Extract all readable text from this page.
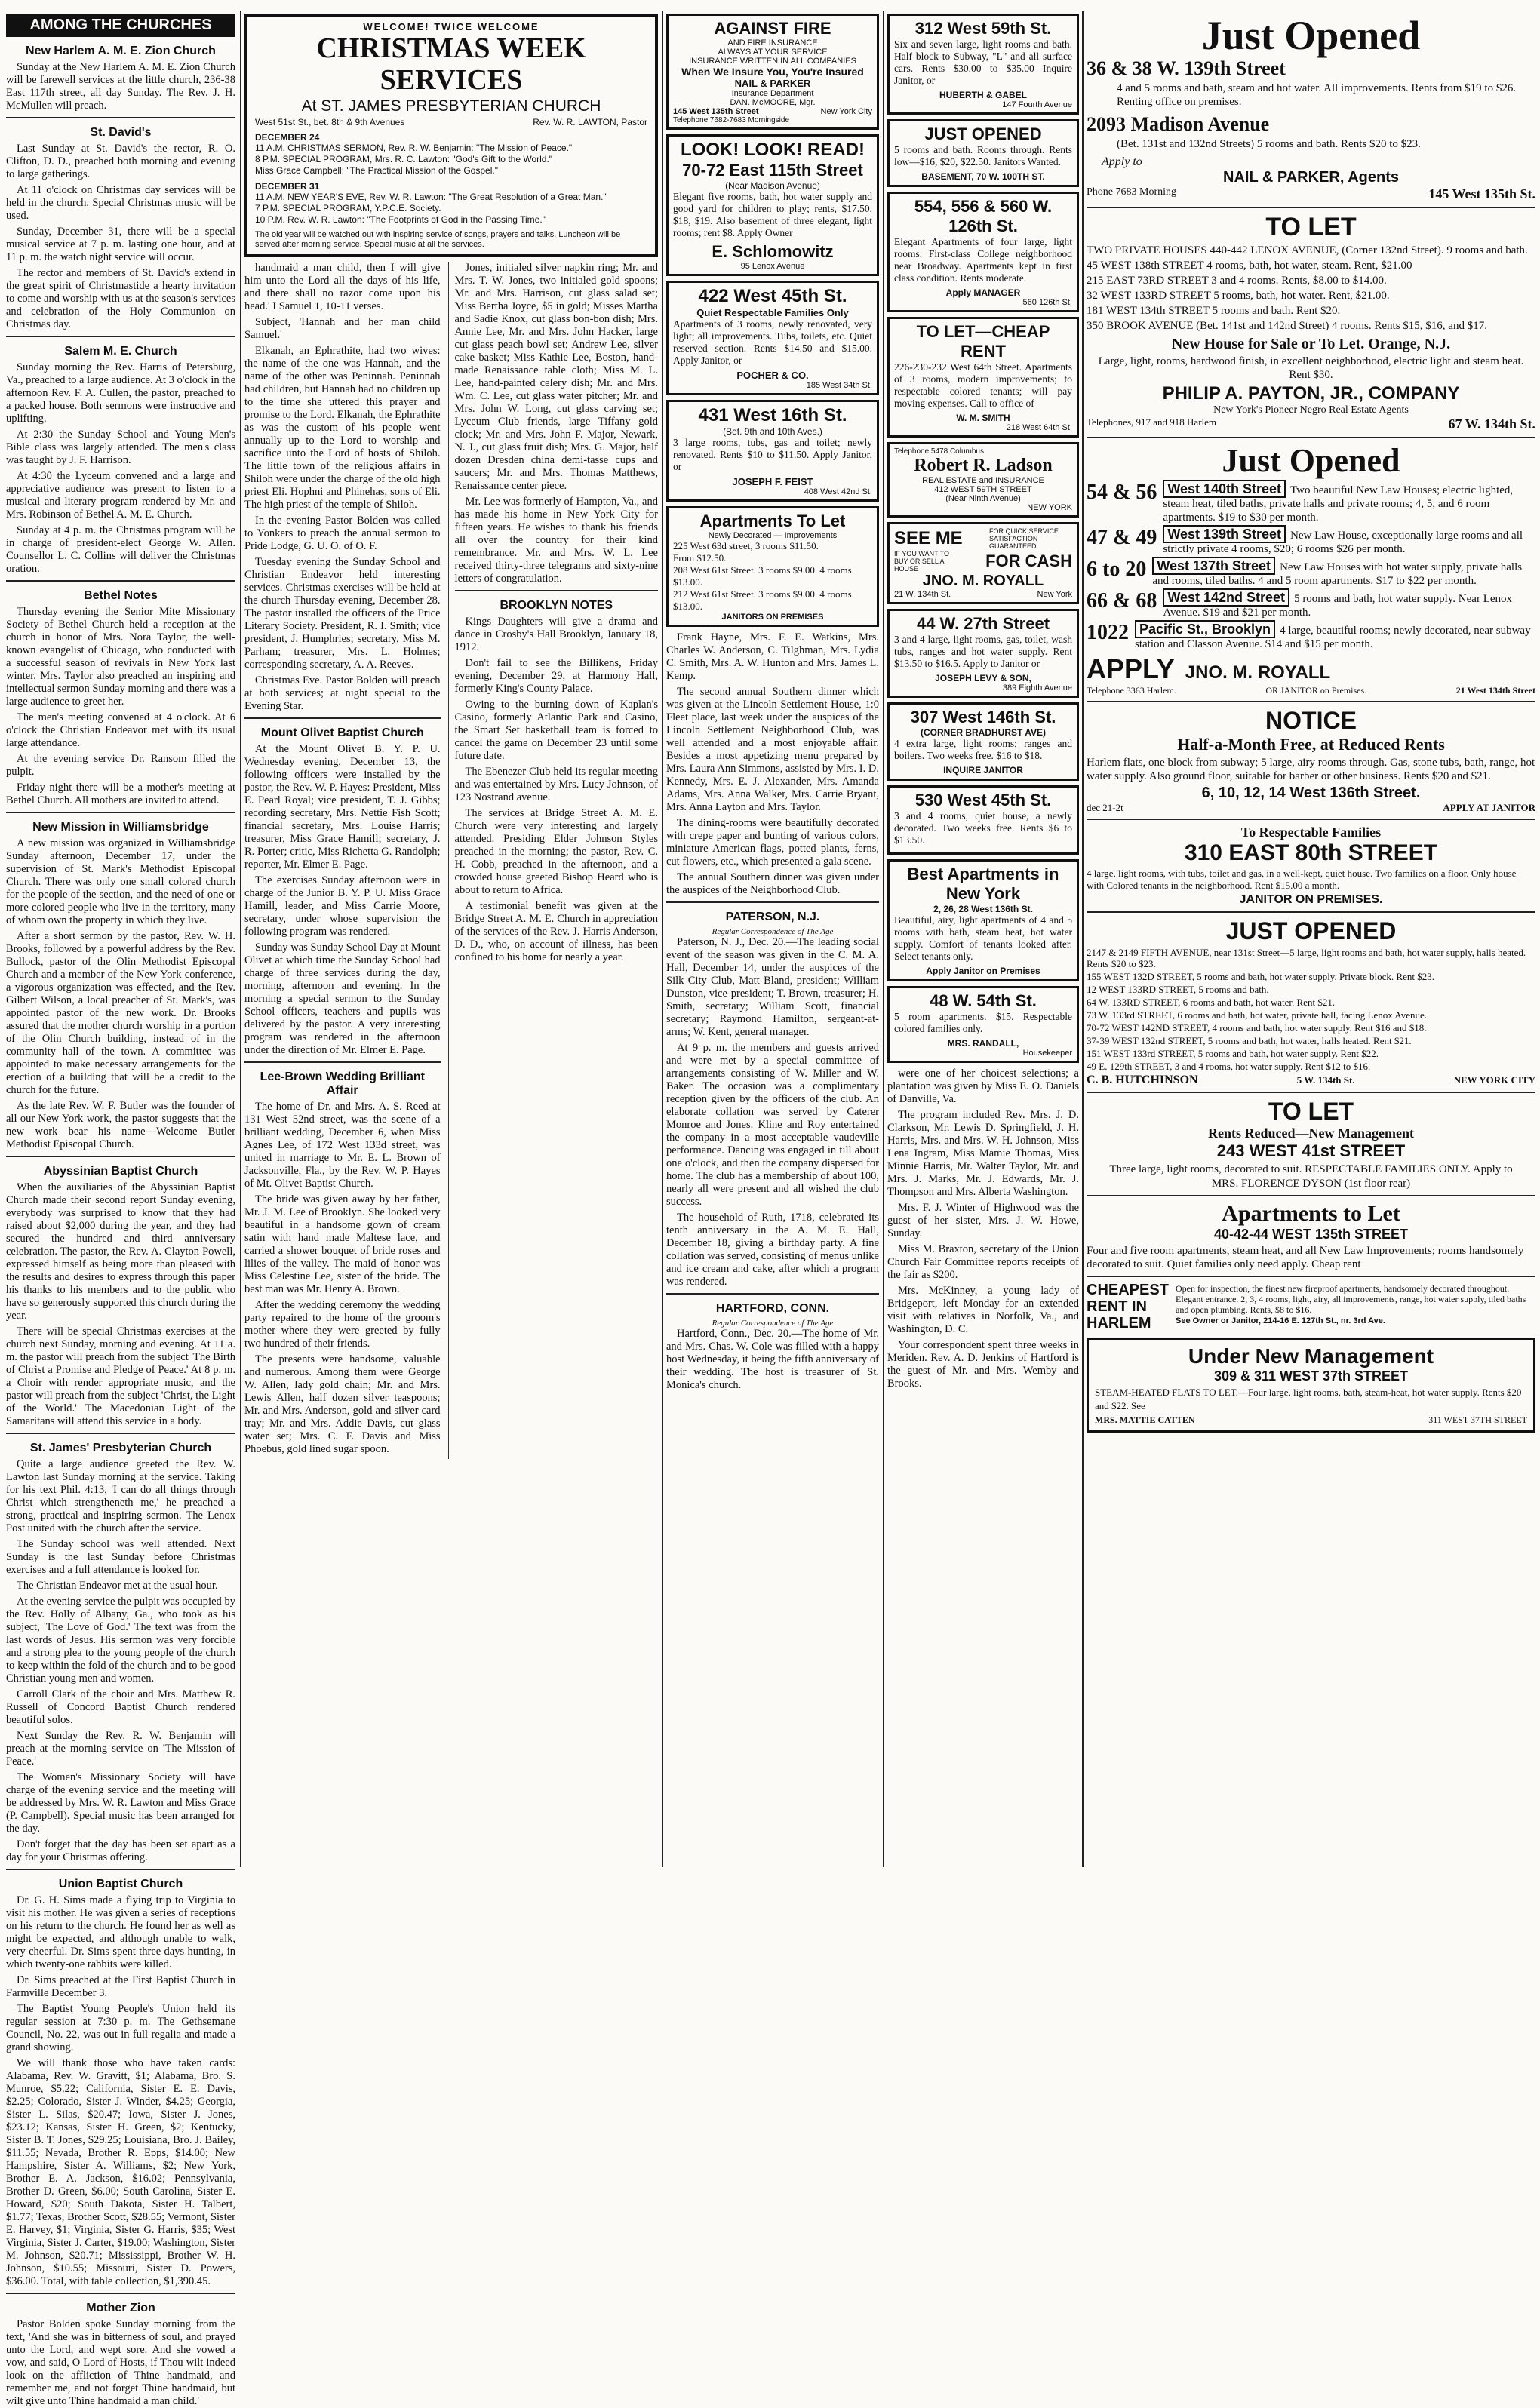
AMONG THE CHURCHES
New Harlem A. M. E. Zion Church

Sunday at the New Harlem A. M. E. Zion Church will be farewell services at the little church, 236-38 East 117th street, all day Sunday. The Rev. J. H. McMullen will preach.

St. David's

Last Sunday at St. David's the rector, R. O. Clifton, D. D., preached both morning and evening to large gatherings.

At 11 o'clock on Christmas day services will be held in the church. Special Christmas music will be used.

Sunday, December 31, there will be a special musical service at 7 p. m. lasting one hour, and at 11 p. m. the watch night service will occur.

The rector and members of St. David's extend in the great spirit of Christmastide a hearty invitation to come and worship with us at the season's services and celebration of the Holy Communion on Christmas day.

Salem M. E. Church

Sunday morning the Rev. Harris of Petersburg, Va., preached to a large audience. At 3 o'clock in the afternoon Rev. F. A. Cullen, the pastor, preached to a packed house. Both sermons were instructive and uplifting.

At 2:30 the Sunday School and Young Men's Bible class was largely attended. The men's class was taught by J. F. Harrison.

At 4:30 the Lyceum convened and a large and appreciative audience was present to listen to a musical and literary program rendered by Mr. and Mrs. Robinson of Bethel A. M. E. Church.

Sunday at 4 p. m. the Christmas program will be in charge of president-elect George W. Allen. Counsellor L. C. Collins will deliver the Christmas oration.

Bethel Notes

Thursday evening the Senior Mite Missionary Society of Bethel Church held a reception at the church in honor of Mrs. Nora Taylor, the well-known evangelist of Chicago, who conducted with a successful season of revivals in New York last winter. Mrs. Taylor also preached an inspiring and intellectual sermon Sunday morning and there was a large audience to greet her.

The men's meeting convened at 4 o'clock. At 6 o'clock the Christian Endeavor met with its usual large attendance.

At the evening service Dr. Ransom filled the pulpit.

Friday night there will be a mother's meeting at Bethel Church. All mothers are invited to attend.

New Mission in Williamsbridge

A new mission was organized in Williamsbridge Sunday afternoon, December 17, under the supervision of St. Mark's Methodist Episcopal Church. There was only one small colored church for the people of the section, and the need of one or more colored people who live in the territory, many of whom own the property in which they live.

After a short sermon by the pastor, Rev. W. H. Brooks, followed by a powerful address by the Rev. Bullock, pastor of the Olin Methodist Episcopal Church and a member of the New York conference, a vigorous organization was effected, and the Rev. Gilbert Wilson, a local preacher of St. Mark's, was appointed pastor of the new work. Dr. Brooks assured that the mother church worship in a portion of the Olin Church building, instead of in the community hall of the town. A committee was appointed to make necessary arrangements for the erection of a building that will be a credit to the church for the future.

As the late Rev. W. F. Butler was the founder of all our New York work, the pastor suggests that the new work bear his name—Welcome Butler Methodist Episcopal Church.

Abyssinian Baptist Church

When the auxiliaries of the Abyssinian Baptist Church made their second report Sunday evening, everybody was surprised to know that they had raised about $2,000 during the year, and they had secured the hundred and third anniversary celebration. The pastor, the Rev. A. Clayton Powell, expressed himself as being more than pleased with the results and desires to express through this paper his thanks to his members and to the public who have so generously supported this church during the year.

There will be special Christmas exercises at the church next Sunday, morning and evening. At 11 a. m. the pastor will preach from the subject 'The Birth of Christ a Promise and Pledge of Peace.' At 8 p. m. a Choir with render appropriate music, and the pastor will preach from the subject 'Christ, the Light of the World.' The Macedonian Light of the Samaritans will attend this service in a body.

St. James' Presbyterian Church

Quite a large audience greeted the Rev. W. Lawton last Sunday morning at the service. Taking for his text Phil. 4:13, 'I can do all things through Christ which strengtheneth me,' he preached a strong, practical and inspiring sermon. The Lenox Post united with the church after the service.

The Sunday school was well attended. Next Sunday is the last Sunday before Christmas exercises and a full attendance is looked for.

The Christian Endeavor met at the usual hour.

At the evening service the pulpit was occupied by the Rev. Holly of Albany, Ga., who took as his subject, 'The Love of God.' The text was from the last words of Jesus. His sermon was very forcible and a strong plea to the young people of the church to keep within the fold of the church and to be good Christian young men and women.

Carroll Clark of the choir and Mrs. Matthew R. Russell of Concord Baptist Church rendered beautiful solos.

Next Sunday the Rev. R. W. Benjamin will preach at the morning service on 'The Mission of Peace.'

The Women's Missionary Society will have charge of the evening service and the meeting will be addressed by Mrs. W. R. Lawton and Miss Grace (P. Campbell). Special music has been arranged for the day.

Don't forget that the day has been set apart as a day for your Christmas offering.

Union Baptist Church

Dr. G. H. Sims made a flying trip to Virginia to visit his mother. He was given a series of receptions on his return to the church. He found her as well as might be expected, and although unable to walk, very cheerful. Dr. Sims spent three days hunting, in which twenty-one rabbits were killed.

Dr. Sims preached at the First Baptist Church in Farmville December 3.

The Baptist Young People's Union held its regular session at 7:30 p. m. The Gethsemane Council, No. 22, was out in full regalia and made a grand showing.

We will thank those who have taken cards: Alabama, Rev. W. Gravitt, $1; Alabama, Bro. S. Munroe, $5.22; California, Sister E. E. Davis, $2.25; Colorado, Sister J. Winder, $4.25; Georgia, Sister L. Silas, $20.47; Iowa, Sister J. Jones, $23.12; Kansas, Sister H. Green, $2; Kentucky, Sister B. T. Jones, $29.25; Louisiana, Bro. J. Bailey, $11.55; Nevada, Brother R. Epps, $14.00; New Hampshire, Sister A. Williams, $2; New York, Brother E. A. Jackson, $16.02; Pennsylvania, Brother D. Green, $6.00; South Carolina, Sister E. Howard, $20; South Dakota, Sister H. Talbert, $1.77; Texas, Brother Scott, $28.55; Vermont, Sister E. Harvey, $1; Virginia, Sister G. Harris, $35; West Virginia, Sister J. Carter, $19.00; Washington, Sister M. Johnson, $20.71; Mississippi, Brother W. H. Johnson, $10.55; Missouri, Sister D. Powers, $36.00. Total, with table collection, $1,390.45.

Mother Zion

Pastor Bolden spoke Sunday morning from the text, 'And she was in bitterness of soul, and prayed unto the Lord, and wept sore. And she vowed a vow, and said, O Lord of Hosts, if Thou wilt indeed look on the affliction of Thine handmaid, and remember me, and not forget Thine handmaid, but wilt give unto Thine handmaid a man child.'

WELCOME! TWICE WELCOME
CHRISTMAS WEEK SERVICES
At ST. JAMES PRESBYTERIAN CHURCH
West 51st St., bet. 8th & 9th Avenues	Rev. W. R. LAWTON, Pastor
DECEMBER 24
11 A.M. CHRISTMAS SERMON, Rev. R. W. Benjamin: "The Mission of Peace."
8 P.M. SPECIAL PROGRAM, Mrs. R. C. Lawton: "God's Gift to the World."
Miss Grace Campbell: "The Practical Mission of the Gospel."
DECEMBER 31
11 A.M. NEW YEAR'S EVE, Rev. W. R. Lawton: "The Great Resolution of a Great Man."
7 P.M. SPECIAL PROGRAM, Y.P.C.E. Society.
10 P.M. Rev. W. R. Lawton: "The Footprints of God in the Passing Time."
The old year will be watched out with inspiring service of songs, prayers and talks. Luncheon will be served after morning service. Special music at all the services.

handmaid a man child, then I will give him unto the Lord all the days of his life, and there shall no razor come upon his head.' I Samuel 1, 10-11 verses.

Subject, 'Hannah and her man child Samuel.'

Elkanah, an Ephrathite, had two wives: the name of the one was Hannah, and the name of the other was Peninnah. Peninnah had children, but Hannah had no children up to the time she uttered this prayer and promise to the Lord. Elkanah, the Ephrathite as was the custom of his people went annually up to the Lord to worship and sacrifice unto the Lord of hosts of Shiloh. The little town of the religious affairs in Shiloh were under the charge of the old high priest Eli. Hophni and Phinehas, sons of Eli. The high priest of the temple of Shiloh.

In the evening Pastor Bolden was called to Yonkers to preach the annual sermon to Pride Lodge, G. U. O. of O. F.

Tuesday evening the Sunday School and Christian Endeavor held interesting services. Christmas exercises will be held at the church Thursday evening, December 28. The pastor installed the officers of the Price Literary Society. President, R. I. Smith; vice president, J. Humphries; secretary, Miss M. Parham; treasurer, Mrs. L. Holmes; corresponding secretary, A. A. Reeves.

Christmas Eve. Pastor Bolden will preach at both services; at night special to the Evening Star.

Mount Olivet Baptist Church

At the Mount Olivet B. Y. P. U. Wednesday evening, December 13, the following officers were installed by the pastor, the Rev. W. P. Hayes: President, Miss E. Pearl Royal; vice president, T. J. Gibbs; recording secretary, Mrs. Nettie Fish Scott; financial secretary, Mrs. Louise Harris; treasurer, Miss Grace Hamill; secretary, J. R. Porter; critic, Miss Richetta G. Randolph; reporter, Mr. Elmer E. Page.

The exercises Sunday afternoon were in charge of the Junior B. Y. P. U. Miss Grace Hamill, leader, and Miss Carrie Moore, secretary, under whose supervision the following program was rendered.

Sunday was Sunday School Day at Mount Olivet at which time the Sunday School had charge of three services during the day, morning, afternoon and evening. In the morning a special sermon to the Sunday School officers, teachers and pupils was delivered by the pastor. A very interesting program was rendered in the afternoon under the direction of Mr. Elmer E. Page.

Lee-Brown Wedding Brilliant Affair

The home of Dr. and Mrs. A. S. Reed at 131 West 52nd street, was the scene of a brilliant wedding, December 6, when Miss Agnes Lee, of 172 West 133d street, was united in marriage to Mr. E. L. Brown of Jacksonville, Fla., by the Rev. W. P. Hayes of Mt. Olivet Baptist Church.

The bride was given away by her father, Mr. J. M. Lee of Brooklyn. She looked very beautiful in a handsome gown of cream satin with hand made Maltese lace, and carried a shower bouquet of bride roses and lilies of the valley. The maid of honor was Miss Celestine Lee, sister of the bride. The best man was Mr. Henry A. Brown.

After the wedding ceremony the wedding party repaired to the home of the groom's mother where they were greeted by fully two hundred of their friends.

The presents were handsome, valuable and numerous. Among them were George W. Allen, lady gold chain; Mr. and Mrs. Lewis Allen, half dozen silver teaspoons; Mr. and Mrs. Anderson, gold and silver card tray; Mr. and Mrs. Addie Davis, cut glass water set; Mrs. C. F. Davis and Miss Phoebus, gold lined sugar spoon.

Jones, initialed silver napkin ring; Mr. and Mrs. T. W. Jones, two initialed gold spoons; Mr. and Mrs. Harrison, cut glass salad set; Miss Bertha Joyce, $5 in gold; Misses Martha and Sadie Knox, cut glass bon-bon dish; Mrs. Annie Lee, Mr. and Mrs. John Hacker, large cut glass peach bowl set; Andrew Lee, silver cake basket; Miss Kathie Lee, Boston, hand-made Renaissance table cloth; Miss M. L. Lee, hand-painted celery dish; Mr. and Mrs. Wm. C. Lee, cut glass water pitcher; Mr. and Mrs. John W. Long, cut glass carving set; Lyceum Club friends, large Tiffany gold clock; Mr. and Mrs. John F. Major, Newark, N. J., cut glass fruit dish; Mrs. G. Major, half dozen Dresden china demi-tasse cups and saucers; Mr. and Mrs. Thomas Matthews, Renaissance center piece.

Mr. Lee was formerly of Hampton, Va., and has made his home in New York City for fifteen years. He wishes to thank his friends all over the country for their kind remembrance. Mr. and Mrs. W. L. Lee received thirty-three telegrams and sixty-nine letters of congratulation.

BROOKLYN NOTES

Kings Daughters will give a drama and dance in Crosby's Hall Brooklyn, January 18, 1912.

Don't fail to see the Billikens, Friday evening, December 29, at Harmony Hall, formerly King's County Palace.

Owing to the burning down of Kaplan's Casino, formerly Atlantic Park and Casino, the Smart Set basketball team is forced to cancel the game on December 23 until some future date.

The Ebenezer Club held its regular meeting and was entertained by Mrs. Lucy Johnson, of 123 Nostrand avenue.

The services at Bridge Street A. M. E. Church were very interesting and largely attended. Presiding Elder Johnson Styles preached in the morning; the pastor, Rev. C. H. Cobb, preached in the afternoon, and a crowded house greeted Bishop Heard who is about to return to Africa.

A testimonial benefit was given at the Bridge Street A. M. E. Church in appreciation of the services of the Rev. J. Harris Anderson, D. D., who, on account of illness, has been confined to his home for nearly a year.

AGAINST FIRE
AND FIRE INSURANCE
ALWAYS AT YOUR SERVICE
INSURANCE WRITTEN IN ALL COMPANIES
When We Insure You, You're Insured
NAIL & PARKER
Insurance Department
DAN. McMOORE, Mgr.
145 West 135th Street	New York City
Telephone 7682-7683 Morningside
LOOK! LOOK! READ!
70-72 East 115th Street
(Near Madison Avenue)
Elegant five rooms, bath, hot water supply and good yard for children to play; rents, $17.50, $18, $19. Also basement of three elegant, light rooms; rent $8. Apply Owner
E. Schlomowitz
95 Lenox Avenue
422 West 45th St.
Quiet Respectable Families Only
Apartments of 3 rooms, newly renovated, very light; all improvements. Tubs, toilets, etc. Quiet reserved section. Rents $14.50 and $15.00. Apply Janitor, or
POCHER & CO.
185 West 34th St.
431 West 16th St.
(Bet. 9th and 10th Aves.)
3 large rooms, tubs, gas and toilet; newly renovated. Rents $10 to $11.50. Apply Janitor, or
JOSEPH F. FEIST
408 West 42nd St.
Apartments To Let
Newly Decorated — Improvements
225 West 63d street, 3 rooms $11.50.
From $12.50.
208 West 61st Street. 3 rooms $9.00. 4 rooms $13.00.
212 West 61st Street. 3 rooms $9.00. 4 rooms $13.00.
JANITORS ON PREMISES

Frank Hayne, Mrs. F. E. Watkins, Mrs. Charles W. Anderson, C. Tilghman, Mrs. Lydia C. Smith, Mrs. A. W. Hunton and Mrs. James L. Kemp.

The second annual Southern dinner which was given at the Lincoln Settlement House, 1:0 Fleet place, last week under the auspices of the Lincoln Settlement Neighborhood Club, was well attended and a most enjoyable affair. Besides a most appetizing menu prepared by Mrs. Laura Ann Simmons, assisted by Mrs. I. D. Kennedy, Mrs. E. J. Alexander, Mrs. Amanda Adams, Mrs. Anna Walker, Mrs. Carrie Bryant, Mrs. Anna Layton and Mrs. Taylor.

The dining-rooms were beautifully decorated with crepe paper and bunting of various colors, miniature American flags, potted plants, ferns, cut flowers, etc., which presented a gala scene.

The annual Southern dinner was given under the auspices of the Neighborhood Club.

PATERSON, N.J.
Regular Correspondence of The Age

Paterson, N. J., Dec. 20.—The leading social event of the season was given in the C. M. A. Hall, December 14, under the auspices of the Silk City Club, Matt Bland, president; William Dunston, vice-president; T. Brown, treasurer; H. Smith, secretary; William Scott, financial secretary; Raymond Hamilton, sergeant-at-arms; W. Kent, general manager.

At 9 p. m. the members and guests arrived and were met by a special committee of arrangements consisting of W. Miller and W. Baker. The occasion was a complimentary reception given by the officers of the club. An elaborate collation was served by Caterer Monroe and Jones. Kline and Roy entertained the company in a most acceptable vaudeville performance. Dancing was engaged in till about one o'clock, and then the company dispersed for home. The club has a membership of about 100, nearly all were present and all wished the club success.

The household of Ruth, 1718, celebrated its tenth anniversary in the A. M. E. Hall, December 18, giving a birthday party. A fine collation was served, consisting of menus unlike and ice cream and cake, after which a program was rendered.

HARTFORD, CONN.
Regular Correspondence of The Age

Hartford, Conn., Dec. 20.—The home of Mr. and Mrs. Chas. W. Cole was filled with a happy host Wednesday, it being the fifth anniversary of their wedding. The host is treasurer of St. Monica's church.

312 West 59th St.
Six and seven large, light rooms and bath. Half block to Subway, "L" and all surface cars. Rents $30.00 to $35.00 Inquire Janitor, or
HUBERTH & GABEL
147 Fourth Avenue
JUST OPENED
5 rooms and bath. Rooms through. Rents low—$16, $20, $22.50. Janitors Wanted.
BASEMENT, 70 W. 100TH ST.
554, 556 & 560 W. 126th St.
Elegant Apartments of four large, light rooms. First-class College neighborhood near Broadway. Apartments kept in first class condition. Rents moderate.
Apply MANAGER
560 126th St.
TO LET—CHEAP RENT
226-230-232 West 64th Street. Apartments of 3 rooms, modern improvements; to respectable colored tenants; will pay moving expenses. Call to office of
W. M. SMITH
218 West 64th St.
Telephone 5478 Columbus
Robert R. Ladson
REAL ESTATE and INSURANCE
412 WEST 59TH STREET
(Near Ninth Avenue)
NEW YORK
SEE ME	FOR QUICK SERVICE. SATISFACTION GUARANTEED
IF YOU WANT TO BUY OR SELL A HOUSE	FOR CASH
JNO. M. ROYALL
21 W. 134th St.	New York
44 W. 27th Street
3 and 4 large, light rooms, gas, toilet, wash tubs, ranges and hot water supply. Rent $13.50 to $16.5. Apply to Janitor or
JOSEPH LEVY & SON,
389 Eighth Avenue
307 West 146th St.
(CORNER BRADHURST AVE)
4 extra large, light rooms; ranges and boilers. Two weeks free. $16 to $18.
INQUIRE JANITOR
530 West 45th St.
3 and 4 rooms, quiet house, a newly decorated. Two weeks free. Rents $6 to $13.50.
Best Apartments in New York
2, 26, 28 West 136th St.
Beautiful, airy, light apartments of 4 and 5 rooms with bath, steam heat, hot water supply. Comfort of tenants looked after. Select tenants only.
Apply Janitor on Premises
48 W. 54th St.
5 room apartments. $15. Respectable colored families only.
MRS. RANDALL,
Housekeeper

were one of her choicest selections; a plantation was given by Miss E. O. Daniels of Danville, Va.

The program included Rev. Mrs. J. D. Clarkson, Mr. Lewis D. Springfield, J. H. Harris, Mrs. and Mrs. W. H. Johnson, Miss Lena Ingram, Miss Mamie Thomas, Miss Minnie Harris, Mr. Walter Taylor, Mr. and Mrs. J. Marks, Mr. J. Edwards, Mr. J. Thompson and Mrs. Alberta Washington.

Mrs. F. J. Winter of Highwood was the guest of her sister, Mrs. J. W. Howe, Sunday.

Miss M. Braxton, secretary of the Union Church Fair Committee reports receipts of the fair as $200.

Mrs. McKinney, a young lady of Bridgeport, left Monday for an extended visit with relatives in Norfolk, Va., and Washington, D. C.

Your correspondent spent three weeks in Meriden. Rev. A. D. Jenkins of Hartford is the guest of Mr. and Mrs. Wemby and Brooks.

Just Opened
36 & 38 W. 139th Street
4 and 5 rooms and bath, steam and hot water. All improvements. Rents from $19 to $26. Renting office on premises.
2093 Madison Avenue
(Bet. 131st and 132nd Streets) 5 rooms and bath. Rents $20 to $23.
Apply to
NAIL & PARKER, Agents
Phone 7683 Morning	145 West 135th St.
TO LET
TWO PRIVATE HOUSES 440-442 LENOX AVENUE, (Corner 132nd Street). 9 rooms and bath.
45 WEST 138th STREET 4 rooms, bath, hot water, steam. Rent, $21.00
215 EAST 73RD STREET 3 and 4 rooms. Rents, $8.00 to $14.00.
32 WEST 133RD STREET 5 rooms, bath, hot water. Rent, $21.00.
181 WEST 134th STREET 5 rooms and bath. Rent $20.
350 BROOK AVENUE (Bet. 141st and 142nd Street) 4 rooms. Rents $15, $16, and $17.
New House for Sale or To Let. Orange, N.J.
Large, light, rooms, hardwood finish, in excellent neighborhood, electric light and steam heat. Rent $30.
PHILIP A. PAYTON, JR., COMPANY
New York's Pioneer Negro Real Estate Agents
Telephones, 917 and 918 Harlem	67 W. 134th St.
Just Opened
54 & 56 West 140th Street Two beautiful New Law Houses; electric lighted, steam heat, tiled baths, private halls and private rooms; 4, 5, and 6 room apartments. $19 to $30 per month.
47 & 49 West 139th Street New Law House, exceptionally large rooms and all strictly private 4 rooms, $20; 6 rooms $26 per month.
6 to 20 West 137th Street New Law Houses with hot water supply, private halls and rooms, tiled baths. 4 and 5 room apartments. $17 to $22 per month.
66 & 68 West 142nd Street 5 rooms and bath, hot water supply. Near Lenox Avenue. $19 and $21 per month.
1022 Pacific St., Brooklyn 4 large, beautiful rooms; newly decorated, near subway station and Classon Avenue. $14 and $15 per month.
APPLY JNO. M. ROYALL
Telephone 3363 Harlem.	OR JANITOR on Premises.	21 West 134th Street
NOTICE
Half-a-Month Free, at Reduced Rents
Harlem flats, one block from subway; 5 large, airy rooms through. Gas, stone tubs, bath, range, hot water supply. Also ground floor, suitable for barber or other business. Rents $20 and $21.
6, 10, 12, 14 West 136th Street.
dec 21-2t	APPLY AT JANITOR
To Respectable Families
310 EAST 80th STREET
4 large, light rooms, with tubs, toilet and gas, in a well-kept, quiet house. Two families on a floor. Only house with Colored tenants in the neighborhood. Rent $15.00 a month.
JANITOR ON PREMISES.
JUST OPENED
2147 & 2149 FIFTH AVENUE, near 131st Street—5 large, light rooms and bath, hot water supply, halls heated. Rents $20 to $23.
155 WEST 132D STREET, 5 rooms and bath, hot water supply. Private block. Rent $23.
12 WEST 133RD STREET, 5 rooms and bath.
64 W. 133RD STREET, 6 rooms and bath, hot water. Rent $21.
73 W. 133rd STREET, 6 rooms and bath, hot water, private hall, facing Lenox Avenue.
70-72 WEST 142ND STREET, 4 rooms and bath, hot water supply. Rent $16 and $18.
37-39 WEST 132nd STREET, 5 rooms and bath, hot water, halls heated. Rent $21.
151 WEST 133rd STREET, 5 rooms and bath, hot water supply. Rent $22.
49 E. 129th STREET, 3 and 4 rooms, hot water supply. Rent $12 to $16.
C. B. HUTCHINSON	5 W. 134th St.	NEW YORK CITY
TO LET
Rents Reduced—New Management
243 WEST 41st STREET
Three large, light rooms, decorated to suit. RESPECTABLE FAMILIES ONLY. Apply to
MRS. FLORENCE DYSON (1st floor rear)
Apartments to Let
40-42-44 WEST 135th STREET
Four and five room apartments, steam heat, and all New Law Improvements; rooms handsomely decorated to suit. Quiet families only need apply. Cheap rent
CHEAPEST
RENT IN
HARLEM
Open for inspection, the finest new fireproof apartments, handsomely decorated throughout. Elegant entrance. 2, 3, 4 rooms, light, airy, all improvements, range, hot water supply, tiled baths and open plumbing. Rents, $8 to $16.
See Owner or Janitor, 214-16 E. 127th St., nr. 3rd Ave.
Under New Management
309 & 311 WEST 37th STREET
STEAM-HEATED FLATS TO LET.—Four large, light rooms, bath, steam-heat, hot water supply. Rents $20 and $22. See
MRS. MATTIE CATTEN	311 WEST 37TH STREET
